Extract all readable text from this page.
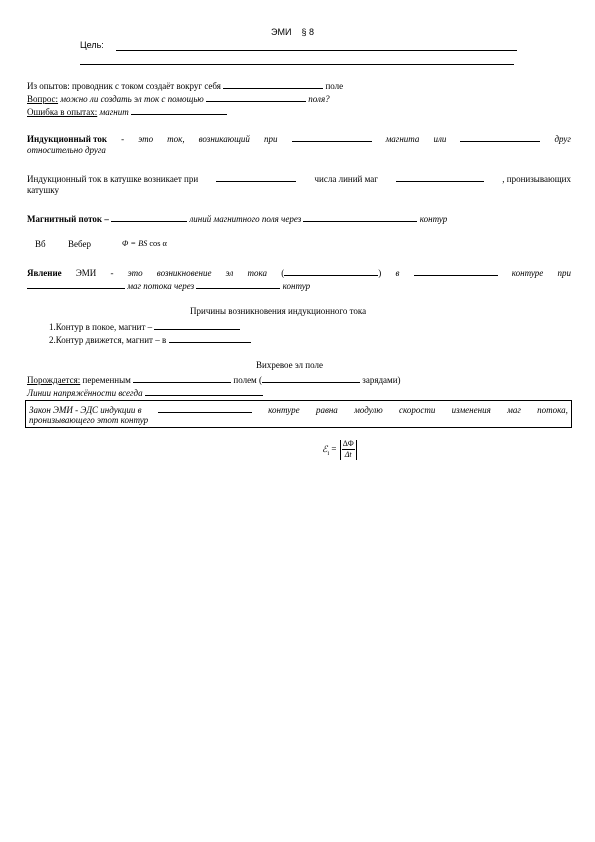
ЭМИ § 8
Цель:
Из опытов: проводник с током создаёт вокруг себя	поле
Вопрос: можно ли создать эл ток с помощью	поля?
Ошибка в опытах: магнит
Индукционный ток - это ток, возникающий при	магнита или	друг
относительно друга
Индукционный ток в катушке возникает при	числа линий маг	, пронизывающих
катушку
Магнитный поток –	линий магнитного поля через	контур
Вб Вебер	Φ = BS cos α
Явление ЭМИ - это возникновение эл тока (	) в	контуре при
маг потока через	контур
Причины возникновения индукционного тока
1.Контур в покое, магнит –
2.Контур движется, магнит – в
Вихревое эл поле
Порождается: переменным	полем (	зарядами)
Линии напряжённости всегда
Закон ЭМИ - ЭДС индукции в	контуре равна модулю скорости изменения маг потока,
пронизывающего этот контур
ℰ$_i$ = $\frac{\Delta\Phi}{\Delta t}$
